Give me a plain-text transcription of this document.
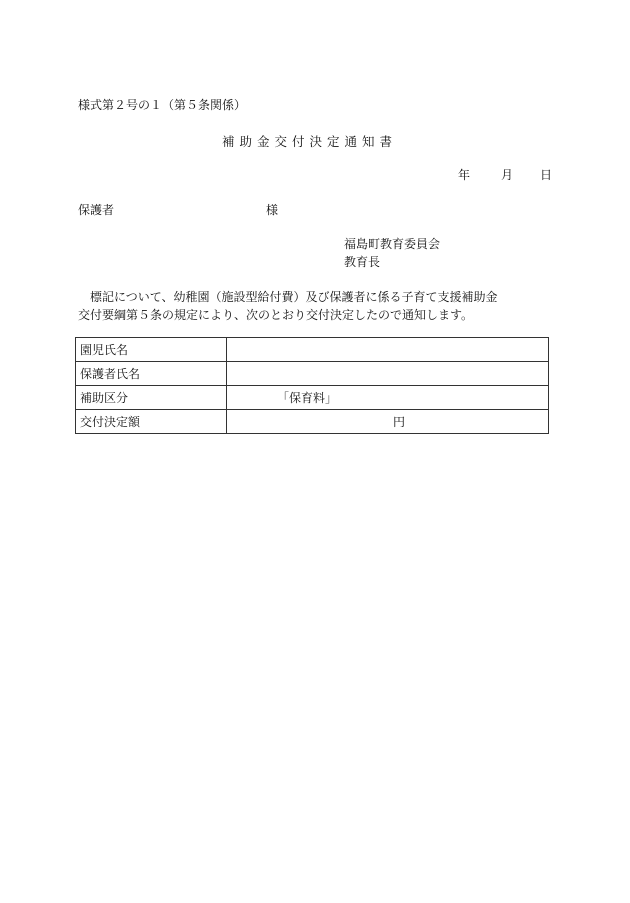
様式第２号の１（第５条関係）
補助金交付決定通知書
年	月 日
保護者	様
福島町教育委員会
教育長

標記について、幼稚園（施設型給付費）及び保護者に係る子育て支援補助金

交付要綱第５条の規定により、次のとおり交付決定したので通知します。

園児氏名	
保護者氏名	
補助区分	「保育料」
交付決定額	円
